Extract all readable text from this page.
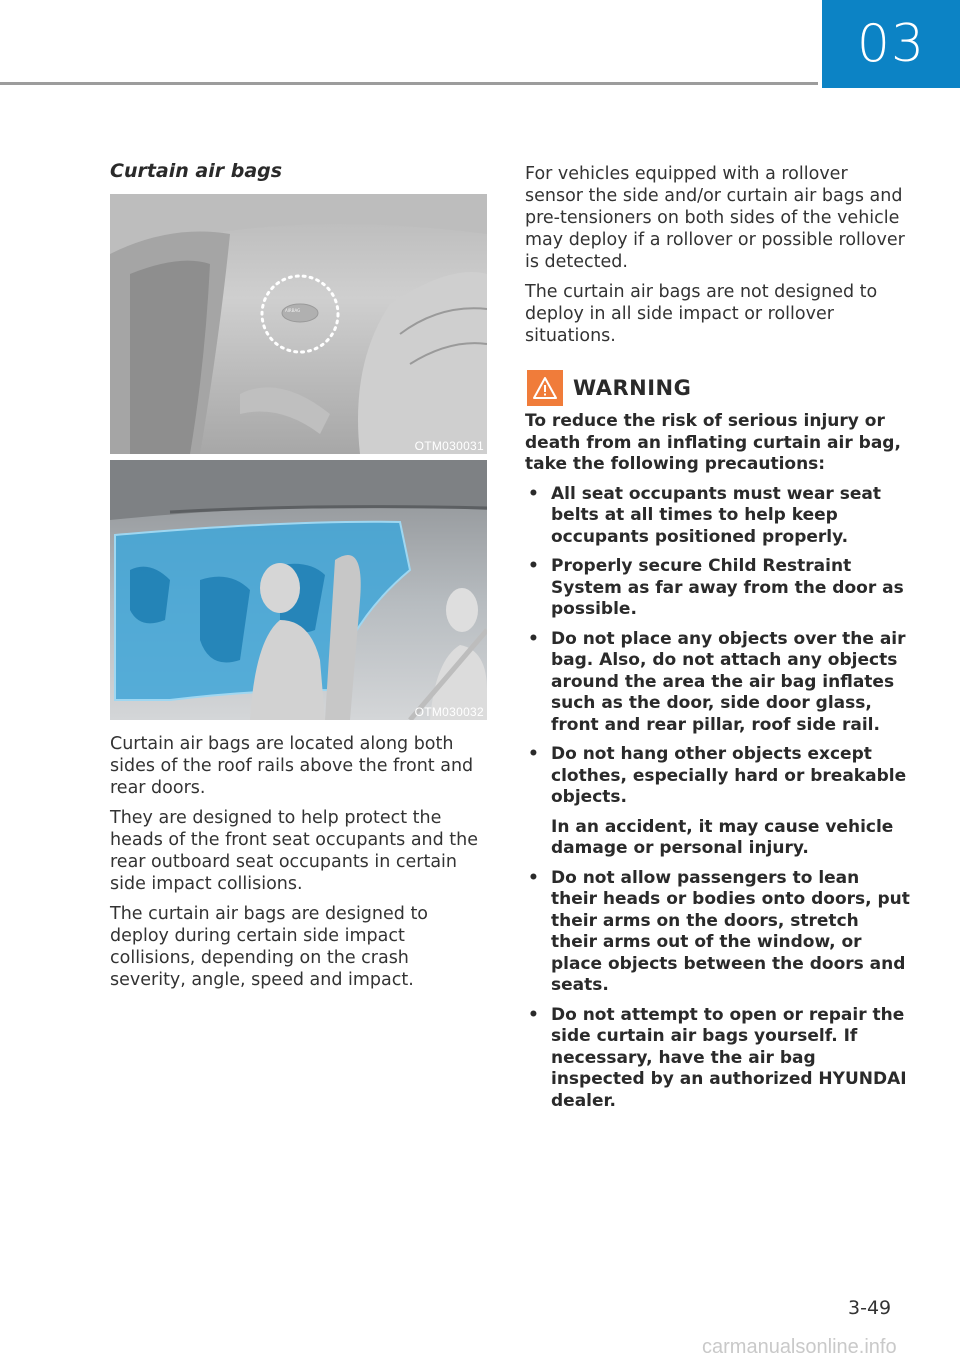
03
Curtain air bags
AIRBAG
OTM030031
OTM030032

Curtain air bags are located along both sides of the roof rails above the front and rear doors.

They are designed to help protect the heads of the front seat occupants and the rear outboard seat occupants in certain side impact collisions.

The curtain air bags are designed to deploy during certain side impact collisions, depending on the crash severity, angle, speed and impact.

For vehicles equipped with a rollover sensor the side and/or curtain air bags and pre-tensioners on both sides of the vehicle may deploy if a rollover or possible rollover is detected.

The curtain air bags are not designed to deploy in all side impact or rollover situations.

WARNING

To reduce the risk of serious injury or death from an inflating curtain air bag, take the following precautions:

• All seat occupants must wear seat belts at all times to help keep occupants positioned properly.
• Properly secure Child Restraint System as far away from the door as possible.
• Do not place any objects over the air bag. Also, do not attach any objects around the area the air bag inflates such as the door, side door glass, front and rear pillar, roof side rail.
• Do not hang other objects except clothes, especially hard or breakable objects.
In an accident, it may cause vehicle damage or personal injury.
• Do not allow passengers to lean their heads or bodies onto doors, put their arms on the doors, stretch their arms out of the window, or place objects between the doors and seats.
• Do not attempt to open or repair the side curtain air bags yourself. If necessary, have the air bag inspected by an authorized HYUNDAI dealer.
3-49
carmanualsonline.info
